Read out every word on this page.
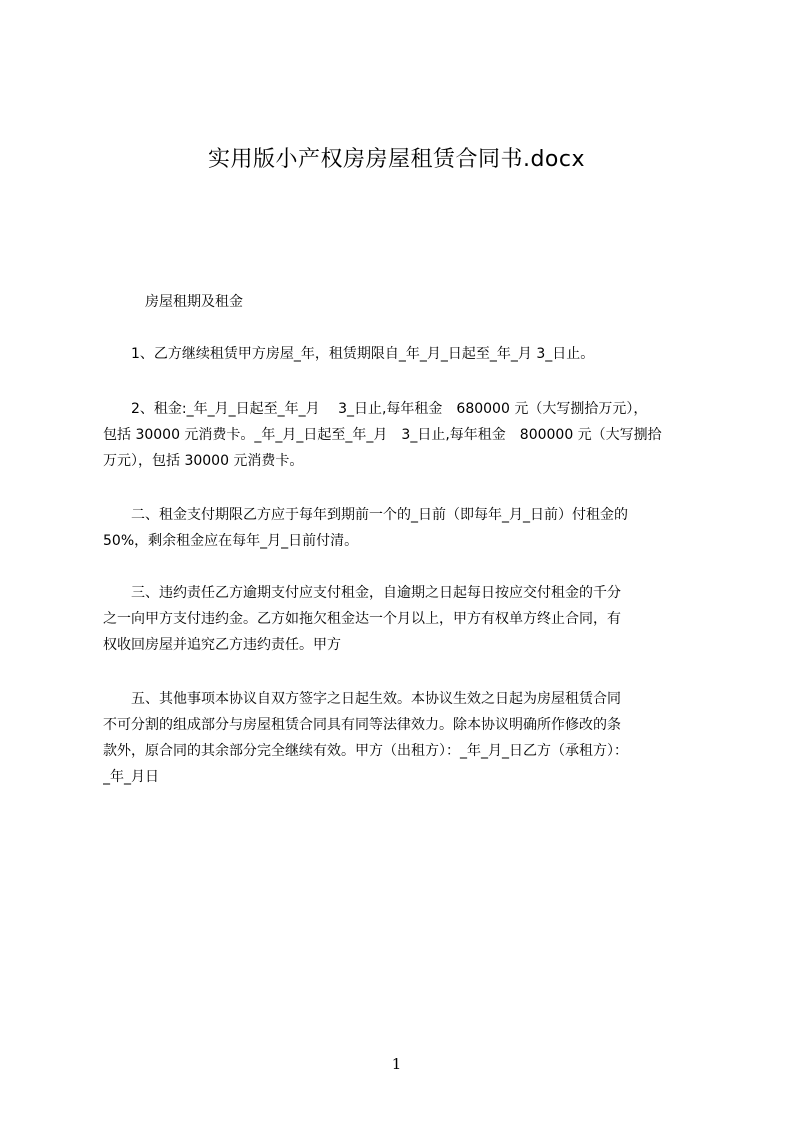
实用版小产权房房屋租赁合同书.docx
　　　房屋租期及租金
　　1、乙方继续租赁甲方房屋_年，租赁期限自_年_月_日起至_年_月 3_日止。
　　2、租金:_年_月_日起至_年_月　 3_日止,每年租金　680000 元（大写捌拾万元），
包括 30000 元消费卡。_年_月_日起至_年_月　3_日止,每年租金　800000 元（大写捌拾
万元），包括 30000 元消费卡。
　　二、租金支付期限乙方应于每年到期前一个的_日前（即每年_月_日前）付租金的
50%，剩余租金应在每年_月_日前付清。
　　三、违约责任乙方逾期支付应支付租金，自逾期之日起每日按应交付租金的千分
之一向甲方支付违约金。乙方如拖欠租金达一个月以上，甲方有权单方终止合同，有
权收回房屋并追究乙方违约责任。甲方
　　五、其他事项本协议自双方签字之日起生效。本协议生效之日起为房屋租赁合同
不可分割的组成部分与房屋租赁合同具有同等法律效力。除本协议明确所作修改的条
款外，原合同的其余部分完全继续有效。甲方（出租方）：_年_月_日乙方（承租方）：
_年_月日
1
